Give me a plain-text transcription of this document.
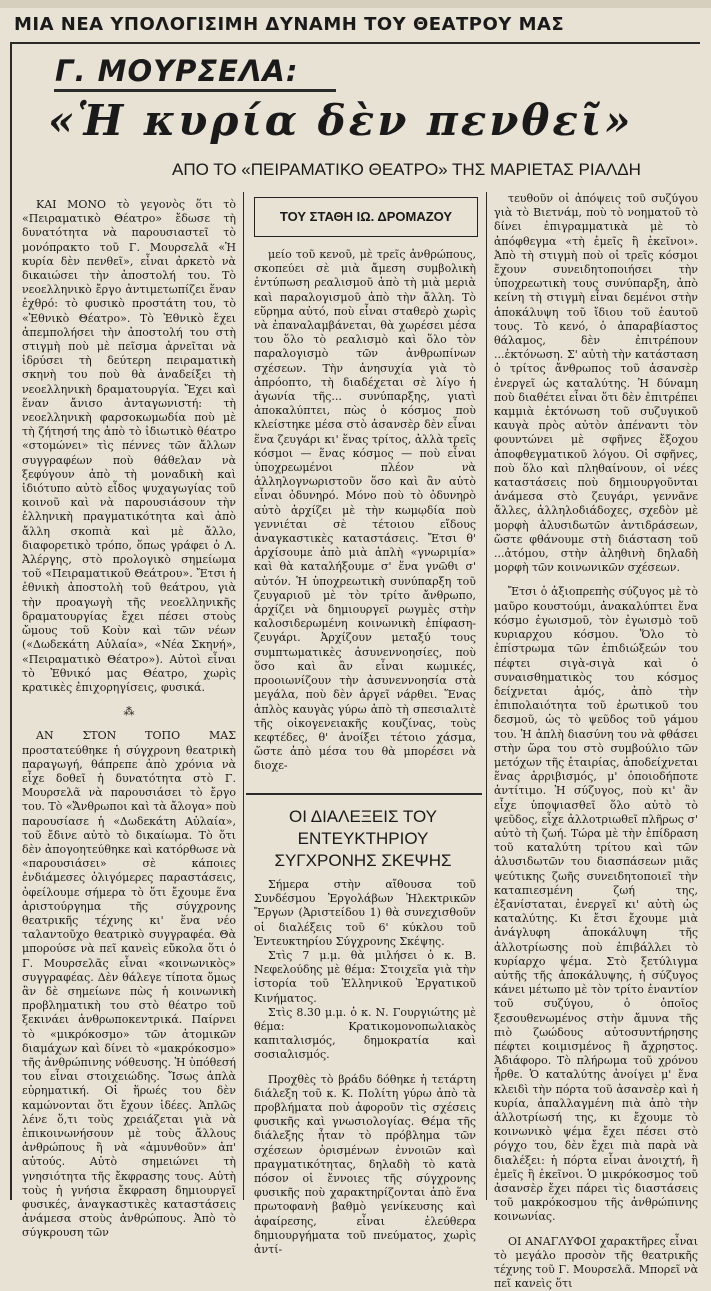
ΜΙΑ ΝΕΑ ΥΠΟΛΟΓΙΣΙΜΗ ΔΥΝΑΜΗ ΤΟΥ ΘΕΑΤΡΟΥ ΜΑΣ
Γ. ΜΟΥΡΣΕΛΑ:
«Ἡ κυρία δὲν πενθεῖ»
ΑΠΟ ΤΟ «ΠΕΙΡΑΜΑΤΙΚΟ ΘΕΑΤΡΟ» ΤΗΣ ΜΑΡΙΕΤΑΣ ΡΙΑΛΔΗ

ΚΑΙ ΜΟΝΟ τὸ γεγονὸς ὅτι τὸ «Πειραματικὸ Θέατρο» ἔδωσε τὴ δυνατότητα νὰ παρουσιαστεῖ τὸ μονόπρακτο τοῦ Γ. Μουρσελᾶ «Ἡ κυρία δὲν πενθεῖ», εἶναι ἀρκετὸ νὰ δικαιώσει τὴν ἀποστολή του. Τὸ νεοελληνικὸ ἔργο ἀντιμετωπίζει ἕναν ἐχθρό: τὸ φυσικὸ προστάτη του, τὸ «Ἐθνικὸ Θέατρο». Τὸ Ἐθνικὸ ἔχει ἀπεμπολήσει τὴν ἀποστολή του στὴ στιγμὴ ποὺ μὲ πεῖσμα ἀρνεῖται νὰ ἱδρύσει τὴ δεύτερη πειραματικὴ σκηνὴ του ποὺ θὰ ἀναδείξει τὴ νεοελληνικὴ δραματουργία. Ἔχει καὶ ἕναν ἄνισο ἀνταγωνιστή: τὴ νεοελληνικὴ φαρσοκωμωδία ποὺ μὲ τὴ ζήτησή της ἀπὸ τὸ ἰδιωτικὸ θέατρο «στομώνει» τὶς πέννες τῶν ἄλλων συγγραφέων ποὺ θάθελαν νὰ ξεφύγουν ἀπὸ τὴ μοναδικὴ καὶ ἰδιότυπο αὐτὸ εἶδος ψυχαγωγίας τοῦ κοινοῦ καὶ νὰ παρουσιάσουν τὴν ἑλληνικὴ πραγματικότητα καὶ ἀπὸ ἄλλη σκοπιὰ καὶ μὲ ἄλλο, διαφορετικὸ τρόπο, ὅπως γράφει ὁ Λ. Ἀλέργης, στὸ προλογικὸ σημείωμα τοῦ «Πειραματικοῦ Θεάτρου». Ἔτσι ἡ ἐθνικὴ ἀποστολὴ τοῦ θεάτρου, γιὰ τὴν προαγωγὴ τῆς νεοελληνικῆς δραματουργίας ἔχει πέσει στοὺς ὤμους τοῦ Κοὺν καὶ τῶν νέων («Δωδεκάτη Αὐλαία», «Νέα Σκηνή», «Πειραματικὸ Θέατρο»). Αὐτοὶ εἶναι τὸ Ἐθνικό μας Θέατρο, χωρὶς κρατικὲς ἐπιχορηγίσεις, φυσικά.

⁂

ΑΝ ΣΤΟΝ ΤΟΠΟ ΜΑΣ προστατεύθηκε ἡ σύγχρονη θεατρικὴ παραγωγή, θάπρεπε ἀπὸ χρόνια νὰ εἶχε δοθεῖ ἡ δυνατότητα στὸ Γ. Μουρσελᾶ νὰ παρουσιάσει τὸ ἔργο του. Τὸ «Ἄνθρωποι καὶ τὰ ἄλογα» ποὺ παρουσίασε ἡ «Δωδεκάτη Αὐλαία», τοῦ ἔδινε αὐτὸ τὸ δικαίωμα. Τὸ ὅτι δὲν ἀπογοητεύθηκε καὶ κατόρθωσε νὰ «παρουσιάσει» σὲ κάποιες ἐνδιάμεσες ὀλιγόμερες παραστάσεις, ὀφείλουμε σήμερα τὸ ὅτι ἔχουμε ἕνα ἀριστούργημα τῆς σύγχρονης θεατρικῆς τέχνης κι' ἕνα νέο ταλαντοῦχο θεατρικὸ συγγραφέα. Θὰ μπορούσε νὰ πεῖ κανεὶς εὔκολα ὅτι ὁ Γ. Μουρσελᾶς εἶναι «κοινωνικὸς» συγγραφέας. Δὲν θάλεγε τίποτα ὅμως ἂν δὲ σημείωνε πὼς ἡ κοινωνικὴ προβληματικὴ του στὸ θέατρο τοῦ ξεκινάει ἀνθρωποκεντρικά. Παίρνει τὸ «μικρόκοσμο» τῶν ἀτομικῶν διαμάχων καὶ δίνει τὸ «μακρόκοσμο» τῆς ἀνθρώπινης νόθευσης. Ἡ ὑπόθεσή του εἶναι στοιχειώδης. Ἴσως ἁπλὰ εὐρηματική. Οἱ ἥρωές του δὲν καμώνονται ὅτι ἔχουν ἰδέες. Ἁπλῶς λένε ὅ,τι τοὺς χρειάζεται γιὰ νὰ ἐπικοινωνήσουν μὲ τοὺς ἄλλους ἀνθρώπους ἢ νὰ «ἀμυνθοῦν» ἀπ' αὐτούς. Αὐτὸ σημειώνει τὴ γνησιότητα τῆς ἔκφρασης τους. Αὐτὴ τοὺς ἡ γνήσια ἔκφραση δημιουργεῖ φυσικές, ἀναγκαστικὲς καταστάσεις ἀνάμεσα στοὺς ἀνθρώπους. Ἀπὸ τὸ σύγκρουση τῶν

ΤΟΥ ΣΤΑΘΗ ΙΩ. ΔΡΟΜΑΖΟΥ

μείο τοῦ κενοῦ, μὲ τρεῖς ἀνθρώπους, σκοπεύει σὲ μιὰ ἄμεση συμβολικὴ ἐντύπωση ρεαλισμοῦ ἀπὸ τὴ μιὰ μεριὰ καὶ παραλογισμοῦ ἀπὸ τὴν ἄλλη. Τὸ εὕρημα αὐτό, ποὺ εἶναι σταθερὸ χωρὶς νὰ ἐπαναλαμβάνεται, θὰ χωρέσει μέσα του ὅλο τὸ ρεαλισμὸ καὶ ὅλο τὸν παραλογισμὸ τῶν ἀνθρωπίνων σχέσεων. Τὴν ἀνησυχία γιὰ τὸ ἀπρόοπτο, τὴ διαδέχεται σὲ λίγο ἡ ἀγωνία τῆς... συνύπαρξης, γιατὶ ἀποκαλύπτει, πὼς ὁ κόσμος ποὺ κλείστηκε μέσα στὸ ἀσανσὲρ δὲν εἶναι ἕνα ζευγάρι κι' ἕνας τρίτος, ἀλλὰ τρεῖς κόσμοι — ἕνας κόσμος — ποὺ εἶναι ὑποχρεωμένοι πλέον νὰ ἀλληλογνωριστοῦν ὅσο καὶ ἂν αὐτὸ εἶναι ὀδυνηρό. Μόνο ποὺ τὸ ὀδυνηρὸ αὐτὸ ἀρχίζει μὲ τὴν κωμῳδία ποὺ γεννιέται σὲ τέτοιου εἴδους ἀναγκαστικὲς καταστάσεις. Ἔτσι θ' ἀρχίσουμε ἀπὸ μιὰ ἁπλὴ «γνωριμία» καὶ θὰ καταλήξουμε σ' ἕνα γνῶθι σ' αὐτόν. Ἡ ὑποχρεωτικὴ συνύπαρξη τοῦ ζευγαριοῦ μὲ τὸν τρίτο ἄνθρωπο, ἀρχίζει νὰ δημιουργεῖ ρωγμὲς στὴν καλοσιδερωμένη κοινωνικὴ ἐπίφαση-ζευγάρι. Ἀρχίζουν μεταξύ τους συμπτωματικὲς ἀσυνεννοησίες, ποὺ ὅσο καὶ ἂν εἶναι κωμικές, προοιωνίζουν τὴν ἀσυνεννοησία στὰ μεγάλα, ποὺ δὲν ἀργεῖ νάρθει. Ἕνας ἁπλὸς καυγὰς γύρω ἀπὸ τὴ σπεσιαλιτὲ τῆς οἰκογενειακῆς κουζίνας, τοὺς κεφτέδες, θ' ἀνοίξει τέτοιο χάσμα, ὥστε ἀπὸ μέσα του θὰ μπορέσει νὰ διοχε-

ΟΙ ΔΙΑΛΕΞΕΙΣ ΤΟΥ ΕΝΤΕΥΚΤΗΡΙΟΥ ΣΥΓΧΡΟΝΗΣ ΣΚΕΨΗΣ

Σήμερα στὴν αἴθουσα τοῦ Συνδέσμου Ἐργολάβων Ἠλεκτρικῶν Ἔργων (Ἀριστείδου 1) θὰ συνεχισθοῦν οἱ διαλέξεις τοῦ 6' κύκλου τοῦ Ἐντευκτηρίου Σύγχρονης Σκέψης.

Στὶς 7 μ.μ. θὰ μιλήσει ὁ κ. Β. Νεφελούδης μὲ θέμα: Στοιχεῖα γιὰ τὴν ἱστορία τοῦ Ἑλληνικοῦ Ἐργατικοῦ Κινήματος.

Στὶς 8.30 μ.μ. ὁ κ. Ν. Γουργιώτης μὲ θέμα: Κρατικομονοπωλιακὸς καπιταλισμός, δημοκρατία καὶ σοσιαλισμός.

Προχθὲς τὸ βράδυ δόθηκε ἡ τετάρτη διάλεξη τοῦ κ. Κ. Πολίτη γύρω ἀπὸ τὰ προβλήματα ποὺ ἀφοροῦν τὶς σχέσεις φυσικῆς καὶ γνωσιολογίας. Θέμα τῆς διάλεξης ἦταν τὸ πρόβλημα τῶν σχέσεων ὁρισμένων ἐννοιῶν καὶ πραγματικότητας, δηλαδὴ τὸ κατὰ πόσον οἱ ἔννοιες τῆς σύγχρονης φυσικῆς ποὺ χαρακτηρίζονται ἀπὸ ἕνα πρωτοφανὴ βαθμὸ γενίκευσης καὶ ἀφαίρεσης, εἶναι ἐλεύθερα δημιουργήματα τοῦ πνεύματος, χωρὶς ἀντί-

τευθοῦν οἱ ἀπόψεις τοῦ συζύγου γιὰ τὸ Βιετνάμ, ποὺ τὸ νοηματοῦ τὸ δίνει ἐπιγραμματικὰ μὲ τὸ ἀπόφθεγμα «τὴ ἐμεῖς ἢ ἐκεῖνοι». Ἀπὸ τὴ στιγμὴ ποὺ οἱ τρεῖς κόσμοι ἔχουν συνειδητοποιήσει τὴν ὑποχρεωτικὴ τους συνύπαρξη, ἀπὸ κείνη τὴ στιγμὴ εἶναι δεμένοι στὴν ἀποκάλυψη τοῦ ἴδιου τοῦ ἑαυτοῦ τους. Τὸ κενό, ὁ ἀπαραβίαστος θάλαμος, δὲν ἐπιτρέπουν ...ἐκτόνωση. Σ' αὐτὴ τὴν κατάσταση ὁ τρίτος ἄνθρωπος τοῦ ἀσανσὲρ ἐνεργεῖ ὡς καταλύτης. Ἡ δύναμη ποὺ διαθέτει εἶναι ὅτι δὲν ἐπιτρέπει καμμιὰ ἐκτόνωση τοῦ συζυγικοῦ καυγὰ πρὸς αὐτὸν ἀπέναντι τὸν φουντώνει μὲ σφῆνες ἔξοχου ἀποφθεγματικοῦ λόγου. Οἱ σφῆνες, ποὺ ὅλο καὶ πληθαίνουν, οἱ νέες καταστάσεις ποὺ δημιουργοῦνται ἀνάμεσα στὸ ζευγάρι, γεννᾶνε ἄλλες, ἀλληλοδιάδοχες, σχεδὸν μὲ μορφὴ ἀλυσιδωτῶν ἀντιδράσεων, ὥστε φθάνουμε στὴ διάσταση τοῦ ...ἀτόμου, στὴν ἀληθινὴ δηλαδὴ μορφὴ τῶν κοινωνικῶν σχέσεων.

Ἔτσι ὁ ἀξιοπρεπὴς σύζυγος μὲ τὸ μαῦρο κουστούμι, ἀνακαλύπτει ἕνα κόσμο ἐγωισμοῦ, τὸν ἐγωισμὸ τοῦ κυριαρχου κόσμου. Ὅλο τὸ ἐπίστρωμα τῶν ἐπιδιώξεών του πέφτει σιγὰ-σιγὰ καὶ ὁ συναισθηματικὸς του κόσμος δείχνεται ἀμός, ἀπὸ τὴν ἐπιπολαιότητα τοῦ ἐρωτικοῦ του δεσμοῦ, ὡς τὸ ψεῦδος τοῦ γάμου του. Ἡ ἁπλὴ διασύνη του νὰ φθάσει στὴν ὥρα του στὸ συμβούλιο τῶν μετόχων τῆς ἑταιρίας, ἀποδείχνεται ἕνας ἀρριβισμός, μ' ὁποιοδήποτε ἀντίτιμο. Ἡ σύζυγος, ποὺ κι' ἂν εἶχε ὑποψιασθεῖ ὅλο αὐτὸ τὸ ψεῦδος, εἶχε ἀλλοτριωθεῖ πλῆρως σ' αὐτὸ τὴ ζωή. Τώρα μὲ τὴν ἐπίδραση τοῦ καταλύτη τρίτου καὶ τῶν ἀλυσιδωτῶν του διασπάσεων μιᾶς ψεύτικης ζωῆς συνειδητοποιεῖ τὴν καταπιεσμένη ζωή της, ἐξανίσταται, ἐνεργεῖ κι' αὐτὴ ὡς καταλύτης. Κι ἔτσι ἔχουμε μιὰ ἀνάγλυφη ἀποκάλυψη τῆς ἀλλοτρίωσης ποὺ ἐπιβάλλει τὸ κυρίαρχο ψέμα. Στὸ ξετύλιγμα αὐτῆς τῆς ἀποκάλυψης, ἡ σύζυγος κάνει μέτωπο μὲ τὸν τρίτο ἐναντίον τοῦ συζύγου, ὁ ὁποῖος ξεσουθενωμένος στὴν ἄμυνα τῆς πιὸ ζωώδους αὐτοσυντήρησης πέφτει κοιμισμένος ἢ ἄχρηστος. Ἀδιάφορο. Τὸ πλήρωμα τοῦ χρόνου ἦρθε. Ὁ καταλύτης ἀνοίγει μ' ἕνα κλειδὶ τὴν πόρτα τοῦ ἀσανσὲρ καὶ ἡ κυρία, ἀπαλλαγμένη πιὰ ἀπὸ τὴν ἀλλοτρίωσή της, κι ἔχουμε τὸ κοινωνικὸ ψέμα ἔχει πέσει στὸ ρόγχο του, δὲν ἔχει πιὰ παρὰ νὰ διαλέξει: ἡ πόρτα εἶναι ἀνοιχτή, ἢ ἐμεῖς ἢ ἐκεῖνοι. Ὁ μικρόκοσμος τοῦ ἀσανσὲρ ἔχει πάρει τὶς διαστάσεις τοῦ μακρόκοσμου τῆς ἀνθρώπινης κοινωνίας.

ΟΙ ΑΝΑΓΛΥΦΟΙ χαρακτῆρες εἶναι τὸ μεγάλο προσὸν τῆς θεατρικῆς τέχνης τοῦ Γ. Μουρσελᾶ. Μπορεῖ νὰ πεῖ κανεὶς ὅτι
